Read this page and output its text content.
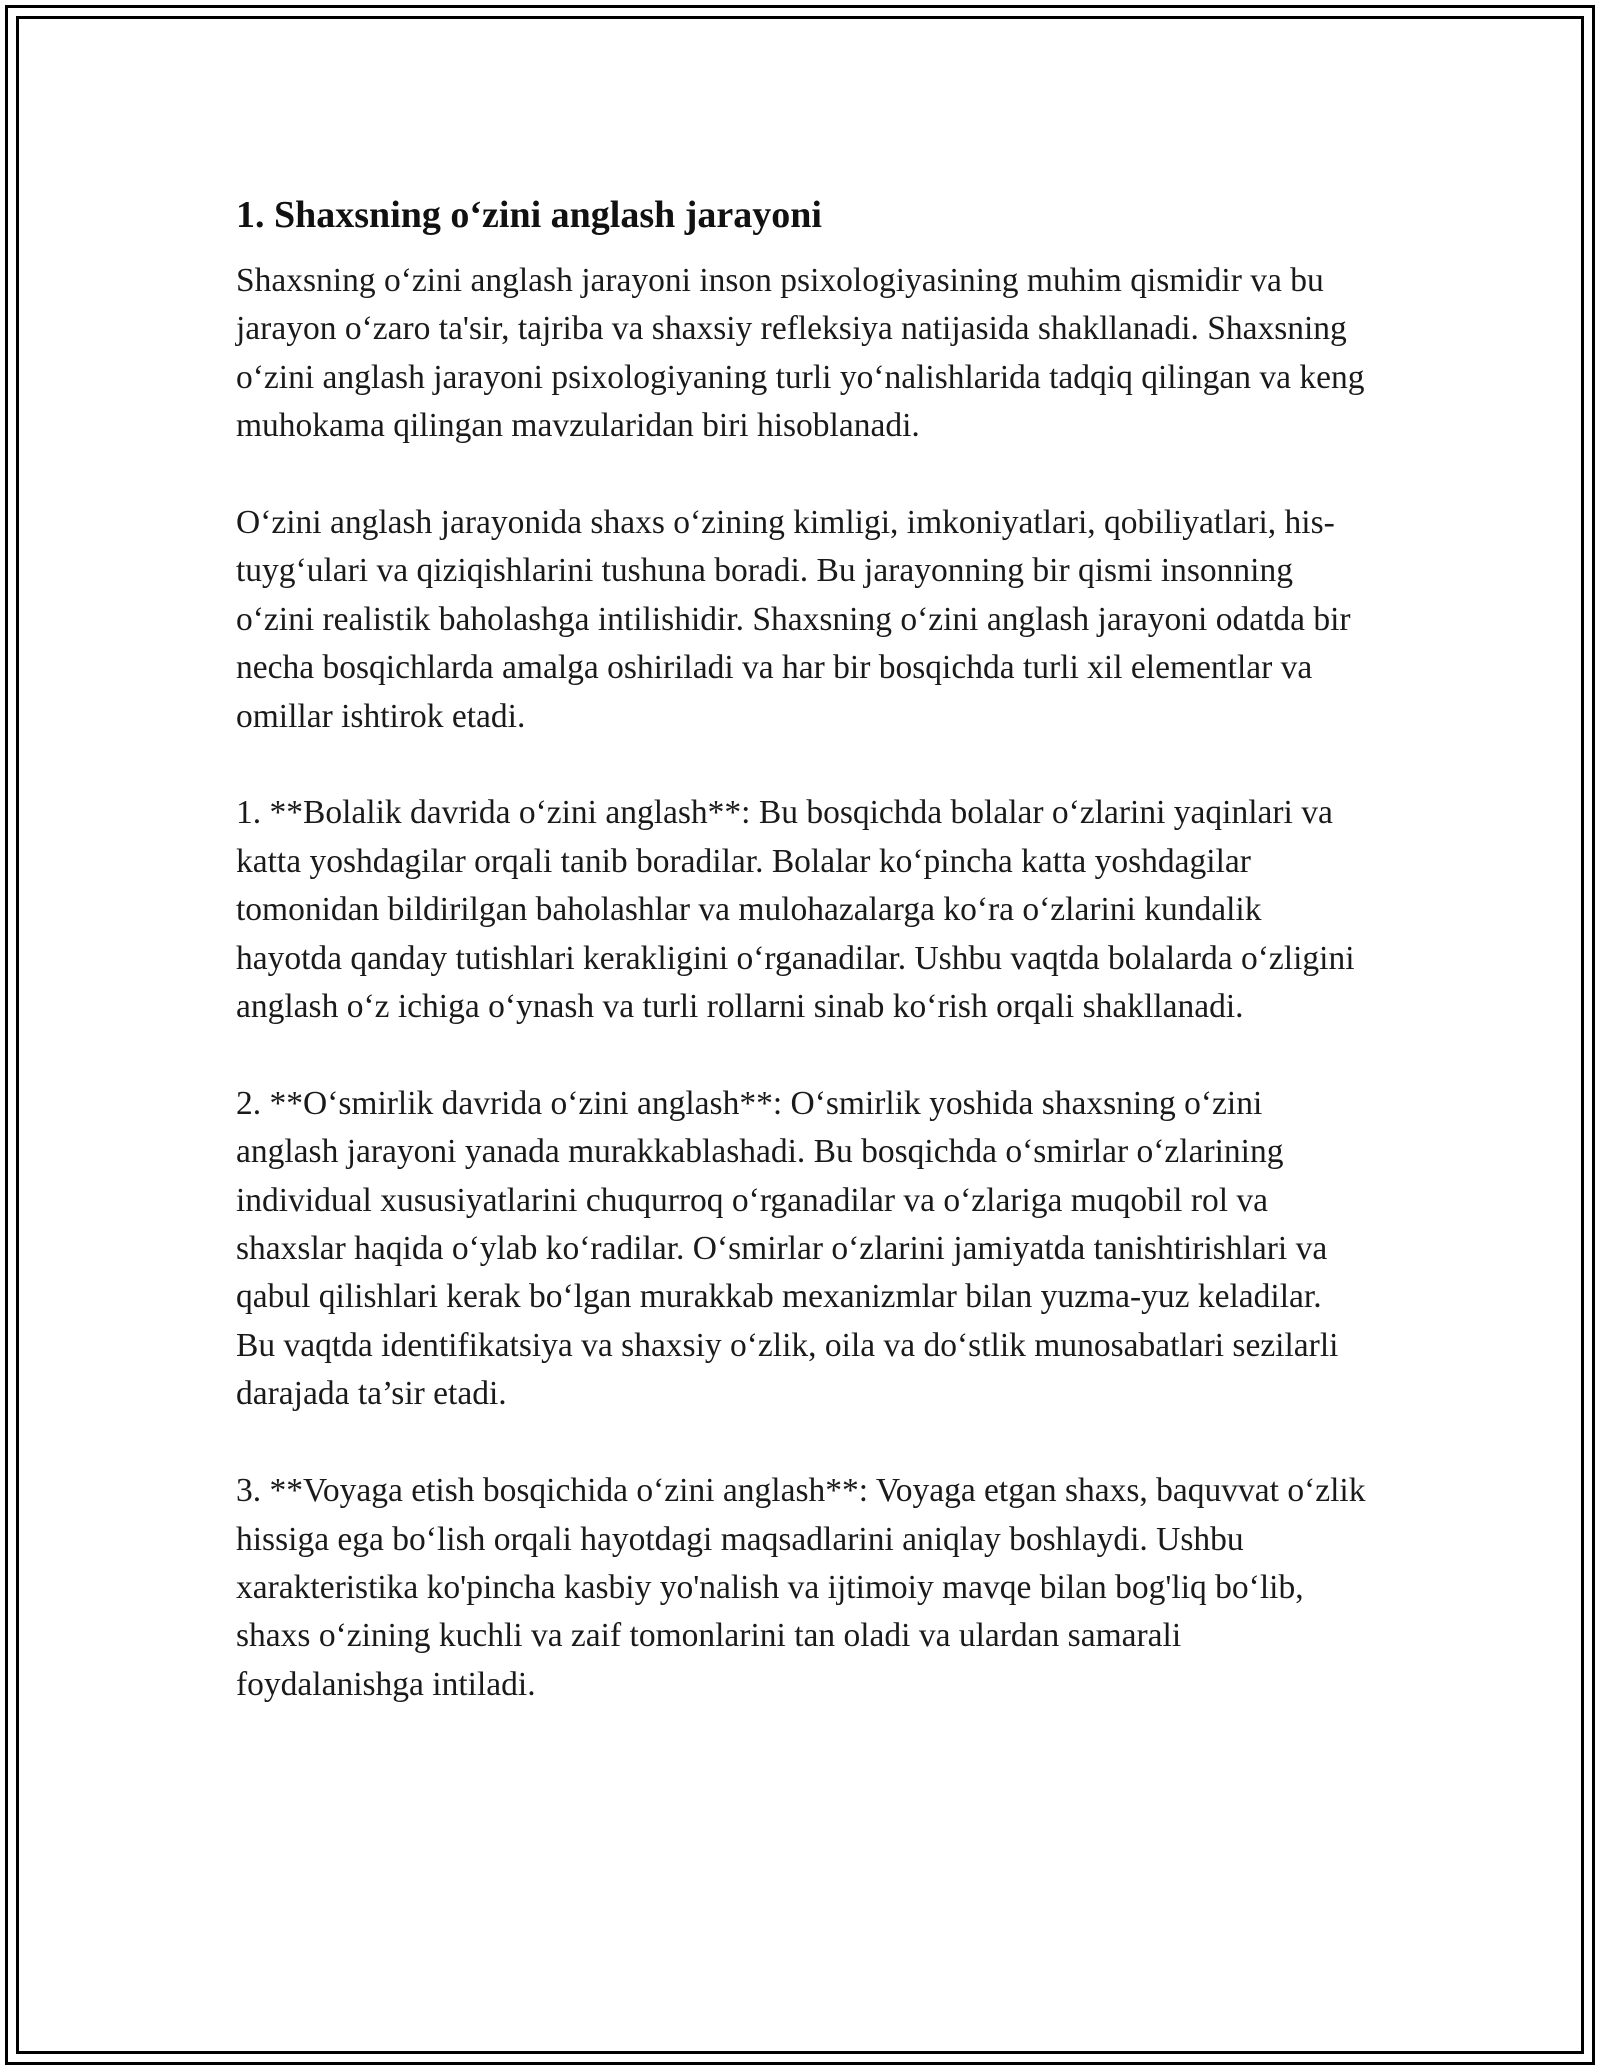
1. Shaxsning o‘zini anglash jarayoni

Shaxsning o‘zini anglash jarayoni inson psixologiyasining muhim qismidir va bu jarayon o‘zaro ta'sir, tajriba va shaxsiy refleksiya natijasida shakllanadi. Shaxsning o‘zini anglash jarayoni psixologiyaning turli yo‘nalishlarida tadqiq qilingan va keng muhokama qilingan mavzularidan biri hisoblanadi.

O‘zini anglash jarayonida shaxs o‘zining kimligi, imkoniyatlari, qobiliyatlari, his-tuyg‘ulari va qiziqishlarini tushuna boradi. Bu jarayonning bir qismi insonning o‘zini realistik baholashga intilishidir. Shaxsning o‘zini anglash jarayoni odatda bir necha bosqichlarda amalga oshiriladi va har bir bosqichda turli xil elementlar va omillar ishtirok etadi.

1. **Bolalik davrida o‘zini anglash**: Bu bosqichda bolalar o‘zlarini yaqinlari va katta yoshdagilar orqali tanib boradilar. Bolalar ko‘pincha katta yoshdagilar tomonidan bildirilgan baholashlar va mulohazalarga ko‘ra o‘zlarini kundalik hayotda qanday tutishlari kerakligini o‘rganadilar. Ushbu vaqtda bolalarda o‘zligini anglash o‘z ichiga o‘ynash va turli rollarni sinab ko‘rish orqali shakllanadi.

2. **O‘smirlik davrida o‘zini anglash**: O‘smirlik yoshida shaxsning o‘zini anglash jarayoni yanada murakkablashadi. Bu bosqichda o‘smirlar o‘zlarining individual xususiyatlarini chuqurroq o‘rganadilar va o‘zlariga muqobil rol va shaxslar haqida o‘ylab ko‘radilar. O‘smirlar o‘zlarini jamiyatda tanishtirishlari va qabul qilishlari kerak bo‘lgan murakkab mexanizmlar bilan yuzma-yuz keladilar. Bu vaqtda identifikatsiya va shaxsiy o‘zlik, oila va do‘stlik munosabatlari sezilarli darajada ta’sir etadi.

3. **Voyaga etish bosqichida o‘zini anglash**: Voyaga etgan shaxs, baquvvat o‘zlik hissiga ega bo‘lish orqali hayotdagi maqsadlarini aniqlay boshlaydi. Ushbu xarakteristika ko'pincha kasbiy yo'nalish va ijtimoiy mavqe bilan bog'liq bo‘lib, shaxs o‘zining kuchli va zaif tomonlarini tan oladi va ulardan samarali foydalanishga intiladi.
